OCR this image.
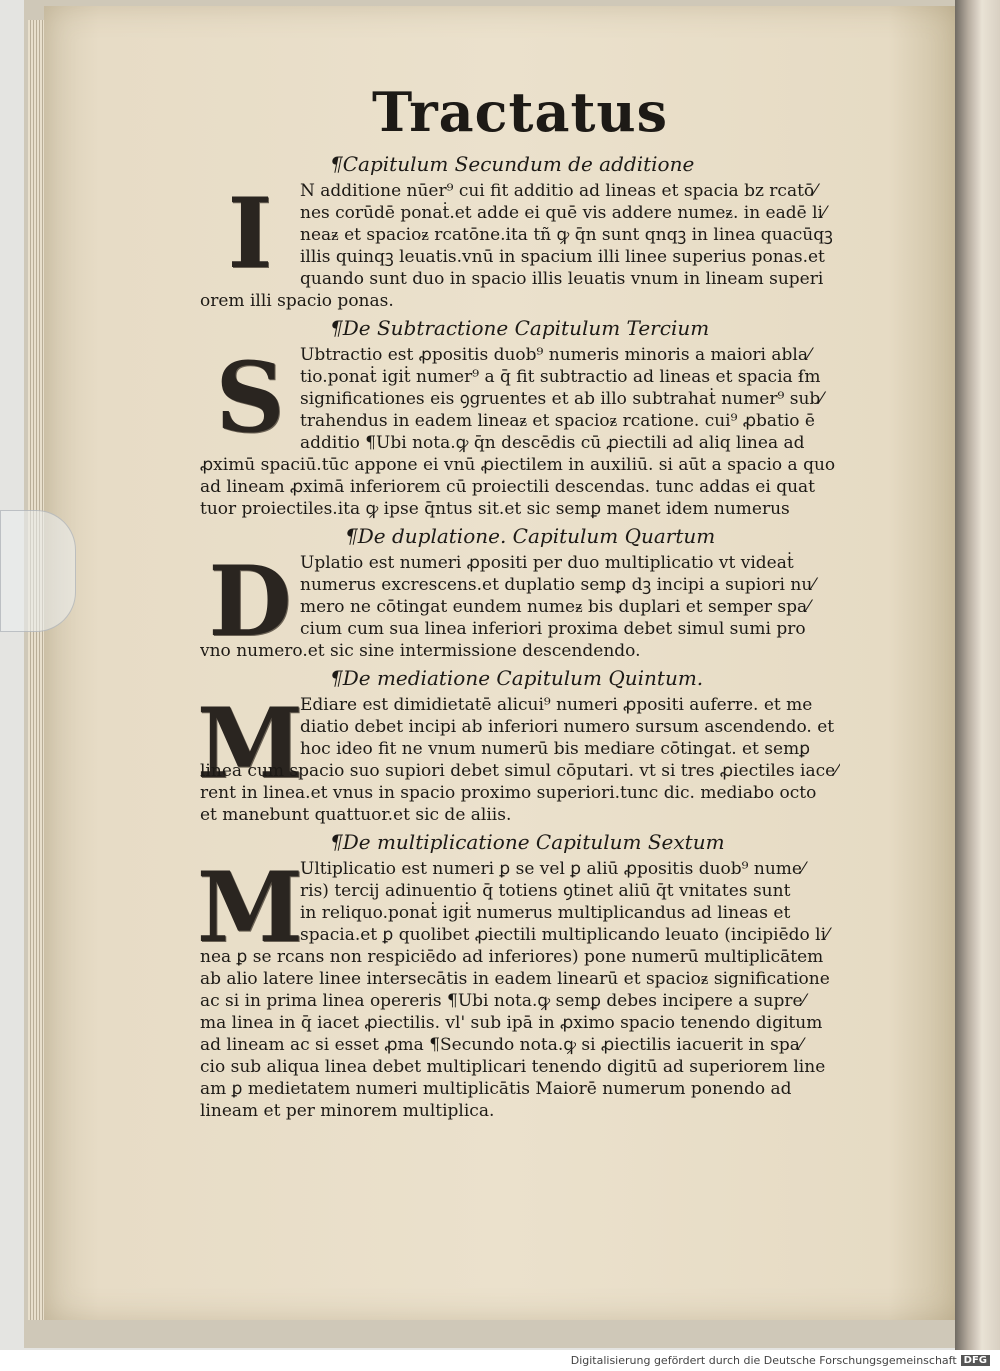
Tractatus
¶Capitulum Secundum de additione
I	N additione nūer⁹ cui fit additio ad lineas et spacia bz rcatō⁄
nes corūdē ponaṫ.et adde ei quē vis addere numeᵶ. in eadē li⁄
neaᵶ et spacioᵶ rcatōne.ita tñ ꝙ q̄n sunt qnqꝫ in linea quacūqꝫ
illis quinqꝫ leuatis.vnū in spacium illi linee superius ponas.et
quando sunt duo in spacio illis leuatis vnum in lineam superi
orem illi spacio ponas.
¶De Subtractione Capitulum Tercium
S Ubtractio est ꝓpositis duob⁹ numeris minoris a maiori abla⁄
tio.ponaṫ igiṫ numer⁹ a q̄ fit subtractio ad lineas et spacia ẜm
significationes eis ꝯgruentes et ab illo subtrahaṫ numer⁹ sub⁄
trahendus in eadem lineaᵶ et spacioᵶ rcatione. cui⁹ ꝓbatio ē
additio ¶Ubi nota.ꝙ q̄n descēdis cū ꝓiectili ad aliq linea ad
ꝓximū spaciū.tūc appone ei vnū ꝓiectilem in auxiliū. si aūt a spacio a quo
ad lineam ꝓximā inferiorem cū proiectili descendas. tunc addas ei quat
tuor proiectiles.ita ꝙ ipse q̄ntus sit.et sic semꝑ manet idem numerus
¶De duplatione. Capitulum Quartum
D Uplatio est numeri ꝓpositi per duo multiplicatio vt videaṫ
numerus excrescens.et duplatio semꝑ dꝫ incipi a supiori nu⁄
mero ne cōtingat eundem numeᵶ bis duplari et semper spa⁄
cium cum sua linea inferiori proxima debet simul sumi pro
vno numero.et sic sine intermissione descendendo.
¶De mediatione Capitulum Quintum.
M
Ediare est dimidietatē alicui⁹ numeri ꝓpositi auferre. et me
diatio debet incipi ab inferiori numero sursum ascendendo. et
hoc ideo fit ne vnum numerū bis mediare cōtingat. et semꝑ
linea cum spacio suo supiori debet simul cōputari. vt si tres ꝓiectiles iace⁄
rent in linea.et vnus in spacio proximo superiori.tunc dic. mediabo octo
et manebunt quattuor.et sic de aliis.
¶De multiplicatione Capitulum Sextum
M
Ultiplicatio est numeri ꝑ se vel ꝑ aliū ꝓpositis duob⁹ nume⁄
ris) tercij adinuentio q̄ totiens ꝯtinet aliū q̄t vnitates sunt
in reliquo.ponaṫ igiṫ numerus multiplicandus ad lineas et
spacia.et ꝑ quolibet ꝓiectili multiplicando leuato (incipiēdo li⁄
nea ꝑ se rcans non respiciēdo ad inferiores) pone numerū multiplicātem
ab alio latere linee intersecātis in eadem linearū et spacioᵶ significatione
ac si in prima linea opereris ¶Ubi nota.ꝙ semꝑ debes incipere a supre⁄
ma linea in q̄ iacet ꝓiectilis. vl' sub ipā in ꝓximo spacio tenendo digitum
ad lineam ac si esset ꝓma ¶Secundo nota.ꝙ si ꝓiectilis iacuerit in spa⁄
cio sub aliqua linea debet multiplicari tenendo digitū ad superiorem line
am ꝑ medietatem numeri multiplicātis Maiorē numerum ponendo ad
lineam et per minorem multiplica.
Digitalisierung gefördert durch die Deutsche Forschungsgemeinschaft DFG
